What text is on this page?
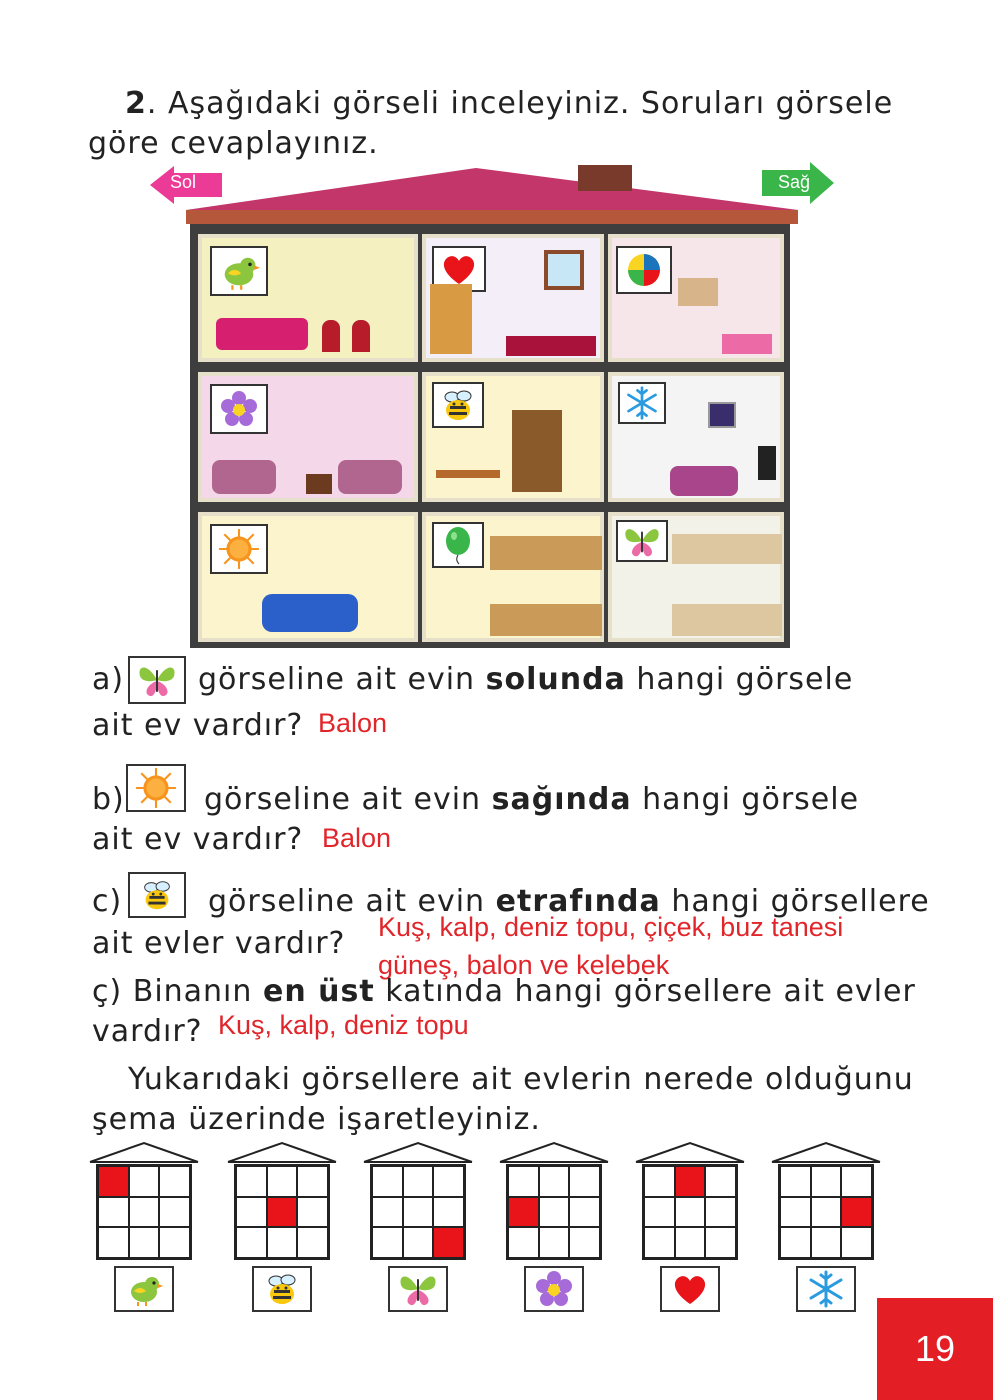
2. Aşağıdaki görseli inceleyiniz. Soruları görsele
göre cevaplayınız.
Sol	Sağ
a) görseline ait evin solunda hangi görsele
ait ev vardır? Balon
b)	görseline ait evin sağında hangi görsele
ait ev vardır? Balon
c)	görseline ait evin etrafında hangi görsellere
ait evler vardır? Kuş, kalp, deniz topu, çiçek, buz tanesi
güneş, balon ve kelebek
ç) Binanın en üst katında hangi görsellere ait evler
vardır? Kuş, kalp, deniz topu
Yukarıdaki görsellere ait evlerin nerede olduğunu
şema üzerinde işaretleyiniz.
19
